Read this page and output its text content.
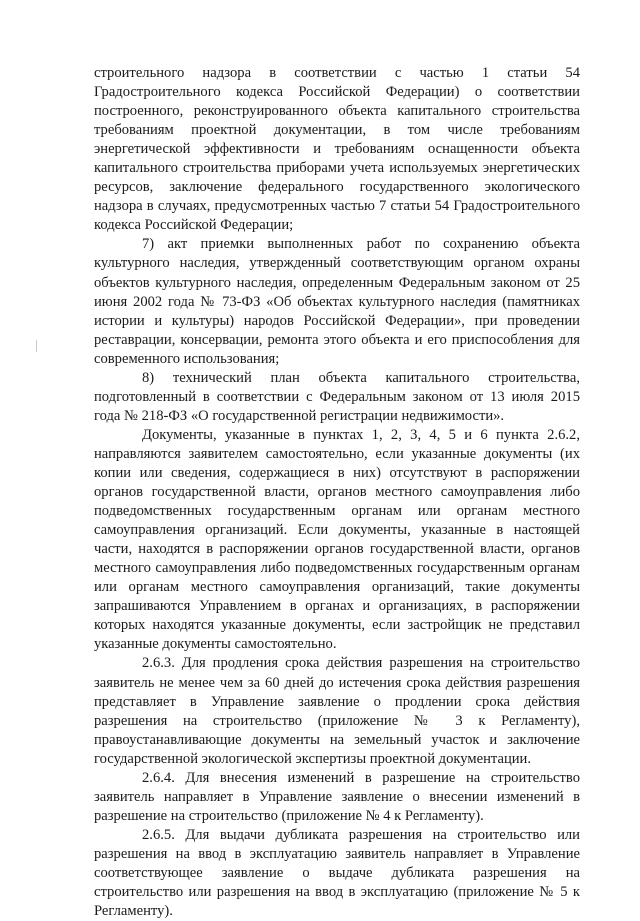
строительного надзора в соответствии с частью 1 статьи 54 Градостроительного кодекса Российской Федерации) о соответствии построенного, реконструированного объекта капитального строительства требованиям проектной документации, в том числе требованиям энергетической эффективности и требованиям оснащенности объекта капитального строительства приборами учета используемых энергетических ресурсов, заключение федерального государственного экологического надзора в случаях, предусмотренных частью 7 статьи 54 Градостроительного кодекса Российской Федерации;

7) акт приемки выполненных работ по сохранению объекта культурного наследия, утвержденный соответствующим органом охраны объектов культурного наследия, определенным Федеральным законом от 25 июня 2002 года № 73-ФЗ «Об объектах культурного наследия (памятниках истории и культуры) народов Российской Федерации», при проведении реставрации, консервации, ремонта этого объекта и его приспособления для современного использования;

8) технический план объекта капитального строительства, подготовленный в соответствии с Федеральным законом от 13 июля 2015 года № 218-ФЗ «О государственной регистрации недвижимости».

Документы, указанные в пунктах 1, 2, 3, 4, 5 и 6 пункта 2.6.2, направляются заявителем самостоятельно, если указанные документы (их копии или сведения, содержащиеся в них) отсутствуют в распоряжении органов государственной власти, органов местного самоуправления либо подведомственных государственным органам или органам местного самоуправления организаций. Если документы, указанные в настоящей части, находятся в распоряжении органов государственной власти, органов местного самоуправления либо подведомственных государственным органам или органам местного самоуправления организаций, такие документы запрашиваются Управлением в органах и организациях, в распоряжении которых находятся указанные документы, если застройщик не представил указанные документы самостоятельно.

2.6.3. Для продления срока действия разрешения на строительство заявитель не менее чем за 60 дней до истечения срока действия разрешения представляет в Управление заявление о продлении срока действия разрешения на строительство (приложение № 3 к Регламенту), правоустанавливающие документы на земельный участок и заключение государственной экологической экспертизы проектной документации.

2.6.4. Для внесения изменений в разрешение на строительство заявитель направляет в Управление заявление о внесении изменений в разрешение на строительство (приложение № 4 к Регламенту).

2.6.5. Для выдачи дубликата разрешения на строительство или разрешения на ввод в эксплуатацию заявитель направляет в Управление соответствующее заявление о выдаче дубликата разрешения на строительство или разрешения на ввод в эксплуатацию (приложение № 5 к Регламенту).
